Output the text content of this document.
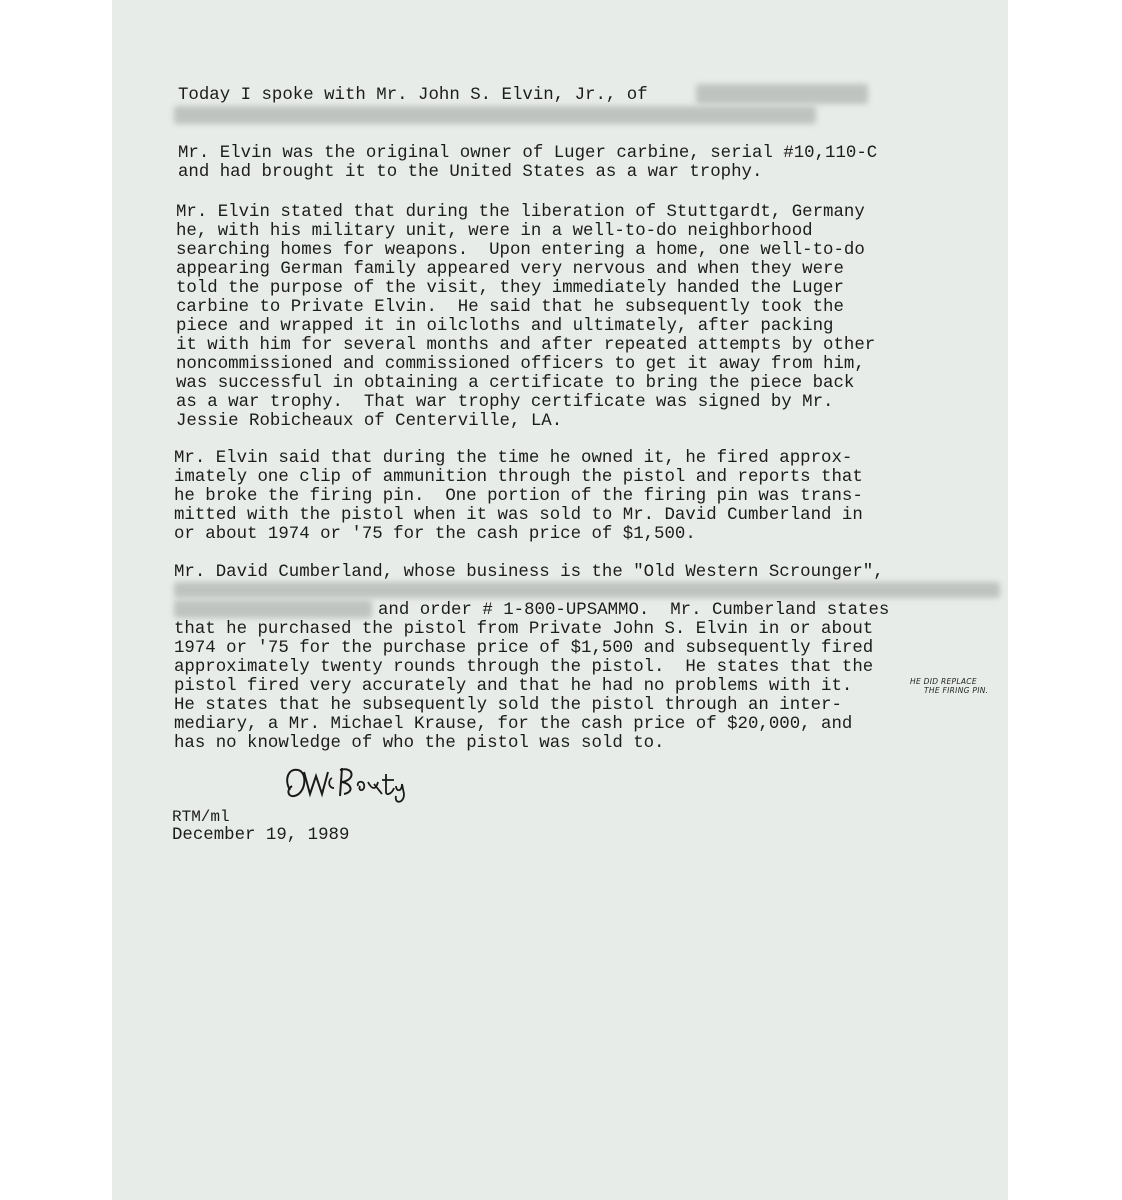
Today I spoke with Mr. John S. Elvin, Jr., of
Mr. Elvin was the original owner of Luger carbine, serial #10,110-C
and had brought it to the United States as a war trophy.
Mr. Elvin stated that during the liberation of Stuttgardt, Germany
he, with his military unit, were in a well-to-do neighborhood
searching homes for weapons.  Upon entering a home, one well-to-do
appearing German family appeared very nervous and when they were
told the purpose of the visit, they immediately handed the Luger
carbine to Private Elvin.  He said that he subsequently took the
piece and wrapped it in oilcloths and ultimately, after packing
it with him for several months and after repeated attempts by other
noncommissioned and commissioned officers to get it away from him,
was successful in obtaining a certificate to bring the piece back
as a war trophy.  That war trophy certificate was signed by Mr.
Jessie Robicheaux of Centerville, LA.
Mr. Elvin said that during the time he owned it, he fired approx-
imately one clip of ammunition through the pistol and reports that
he broke the firing pin.  One portion of the firing pin was trans-
mitted with the pistol when it was sold to Mr. David Cumberland in
or about 1974 or '75 for the cash price of $1,500.
Mr. David Cumberland, whose business is the "Old Western Scrounger",
and order # 1-800-UPSAMMO.  Mr. Cumberland states
that he purchased the pistol from Private John S. Elvin in or about
1974 or '75 for the purchase price of $1,500 and subsequently fired
approximately twenty rounds through the pistol.  He states that the
pistol fired very accurately and that he had no problems with it.	HE DID REPLACE
THE FIRING PIN.
He states that he subsequently sold the pistol through an inter-
mediary, a Mr. Michael Krause, for the cash price of $20,000, and
has no knowledge of who the pistol was sold to.
RTM/ml
December 19, 1989
